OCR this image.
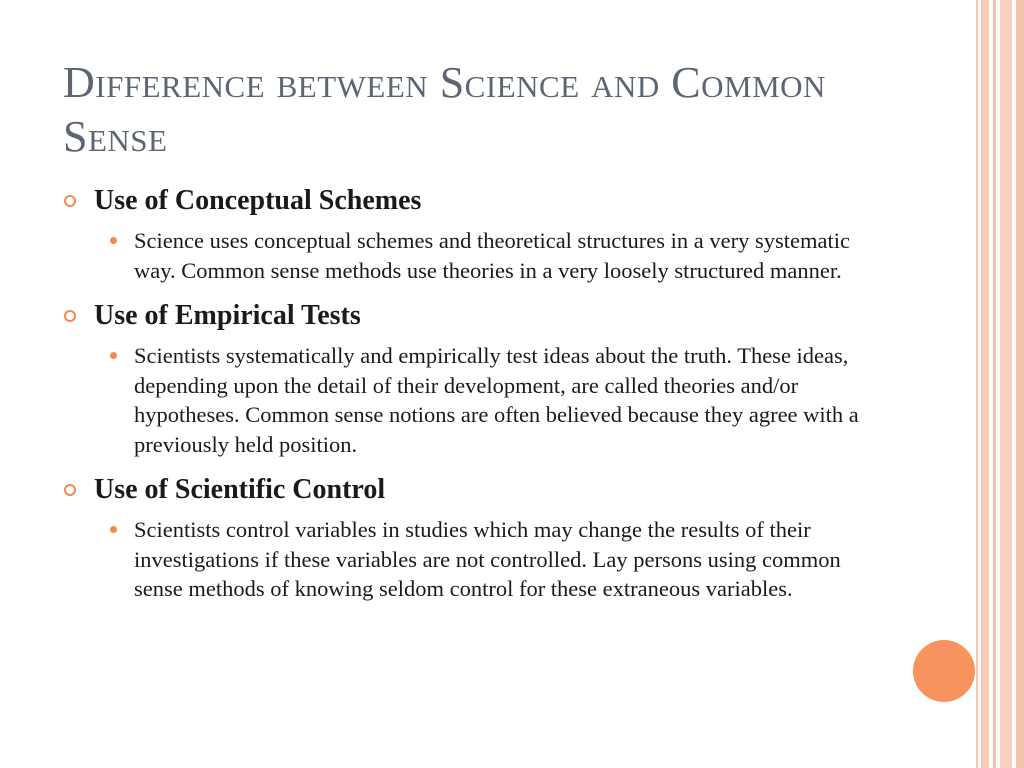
Difference between Science and Common Sense
Use of Conceptual Schemes
Science uses conceptual schemes and theoretical structures in a very systematic way. Common sense methods use theories in a very loosely structured manner.
Use of Empirical Tests
Scientists systematically and empirically test ideas about the truth. These ideas, depending upon the detail of their development, are called theories and/or hypotheses. Common sense notions are often believed because they agree with a previously held position.
Use of Scientific Control
Scientists control variables in studies which may change the results of their investigations if these variables are not controlled. Lay persons using common sense methods of knowing seldom control for these extraneous variables.
